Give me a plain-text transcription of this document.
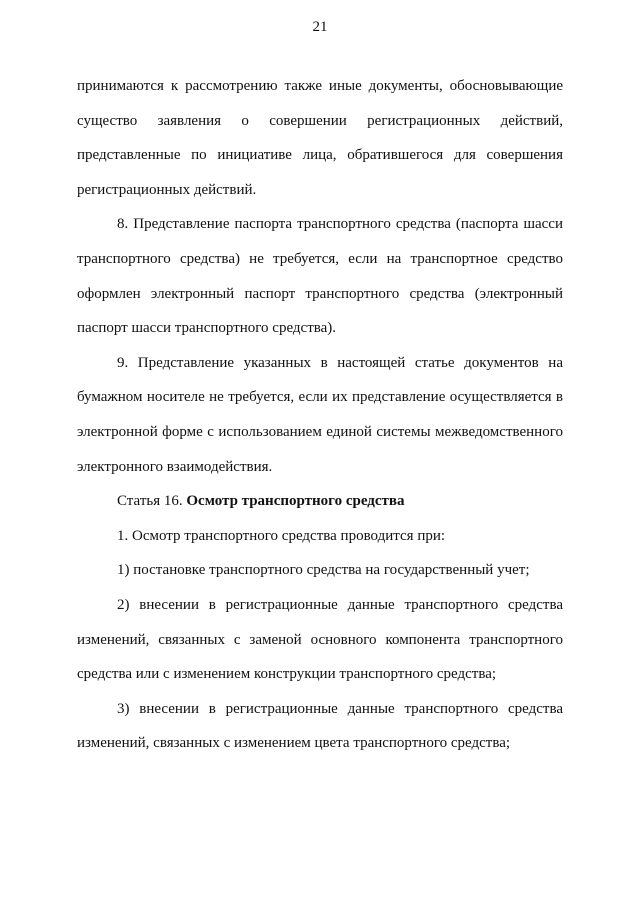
21

принимаются к рассмотрению также иные документы, обосновывающие существо заявления о совершении регистрационных действий, представленные по инициативе лица, обратившегося для совершения регистрационных действий.

8. Представление паспорта транспортного средства (паспорта шасси транспортного средства) не требуется, если на транспортное средство оформлен электронный паспорт транспортного средства (электронный паспорт шасси транспортного средства).

9. Представление указанных в настоящей статье документов на бумажном носителе не требуется, если их представление осуществляется в электронной форме с использованием единой системы межведомственного электронного взаимодействия.

Статья 16. Осмотр транспортного средства

1. Осмотр транспортного средства проводится при:

1) постановке транспортного средства на государственный учет;

2) внесении в регистрационные данные транспортного средства изменений, связанных с заменой основного компонента транспортного средства или с изменением конструкции транспортного средства;

3) внесении в регистрационные данные транспортного средства изменений, связанных с изменением цвета транспортного средства;
